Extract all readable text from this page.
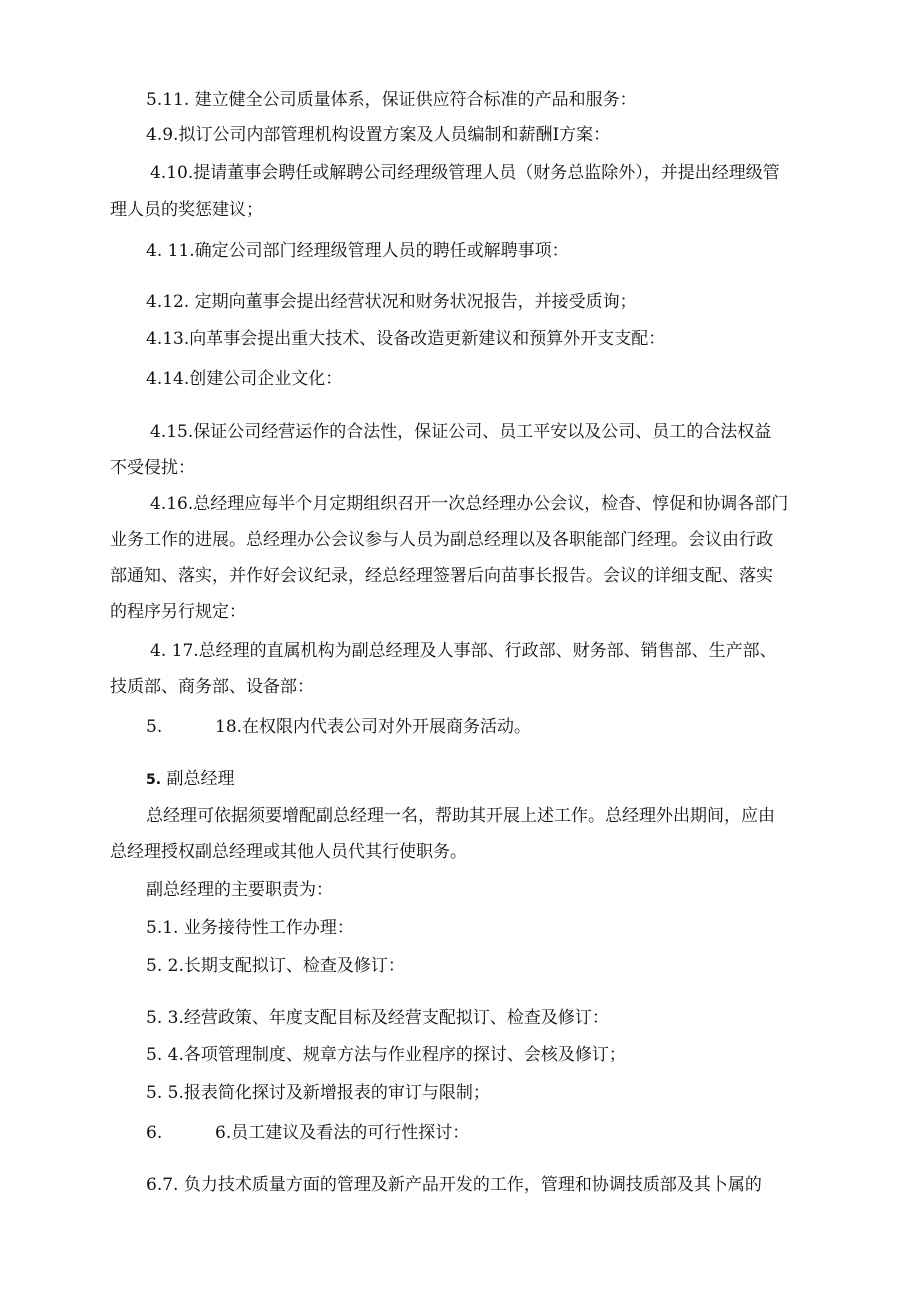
5.11. 建立健全公司质量体系，保证供应符合标准的产品和服务：

4.9.拟订公司内部管理机构设置方案及人员编制和薪酬I方案：

4.10.提请董事会聘任或解聘公司经理级管理人员（财务总监除外），并提出经理级管

理人员的奖惩建议；

4. 11.确定公司部门经理级管理人员的聘任或解聘事项：

4.12. 定期向董事会提出经营状况和财务状况报告，并接受质询；

4.13.向革事会提出重大技术、设备改造更新建议和预算外开支支配：

4.14.创建公司企业文化：

4.15.保证公司经营运作的合法性，保证公司、员工平安以及公司、员工的合法权益

不受侵扰：

4.16.总经理应每半个月定期组织召开一次总经理办公会议，检杳、惇促和协调各部门

业务工作的进展。总经理办公会议参与人员为副总经理以及各职能部门经理。会议由行政

部通知、落实，并作好会议纪录，经总经理签署后向苗事长报告。会议的详细支配、落实

的程序另行规定：

4. 17.总经理的直属机构为副总经理及人事部、行政部、财务部、销售部、生产部、

技质部、商务部、设备部：

5.	18.在权限内代表公司对外开展商务活动。

5. 副总经理

总经理可依据须要增配副总经理一名，帮助其开展上述工作。总经理外出期间，应由

总经理授权副总经理或其他人员代其行使职务。

副总经理的主要职责为：

5.1. 业务接待性工作办理：

5. 2.长期支配拟订、检查及修订：

5. 3.经营政策、年度支配目标及经营支配拟订、检查及修订：

5. 4.各项管理制度、规章方法与作业程序的探讨、会核及修订；

5. 5.报表简化探讨及新增报表的审订与限制；

6.	6.员工建议及看法的可行性探讨：

6.7. 负力技术质量方面的管理及新产品开发的工作，管理和协调技质部及其卜属的
